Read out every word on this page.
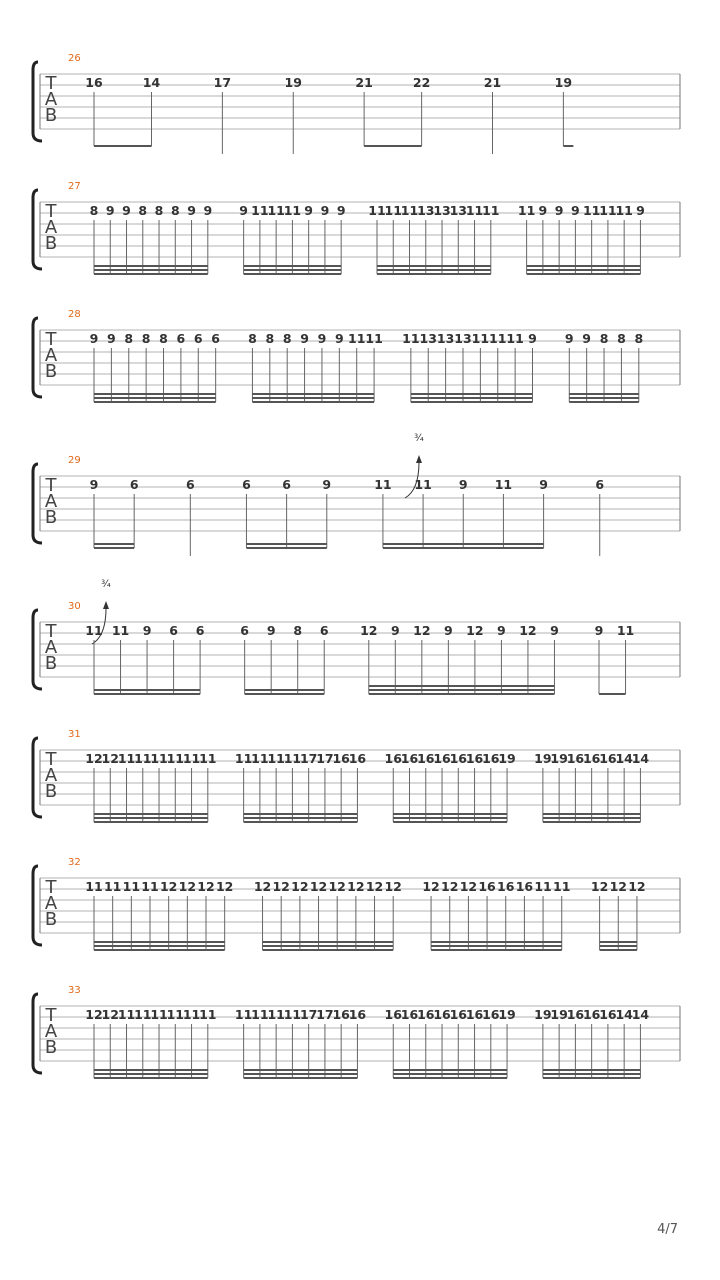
T
A
B
26
16	14	17	19	21	22	21	19
T
A
B
27
8 9 9 8 8 8 9 9 9 11
11
11 9 9 9 11
11
11
13
13
13
11
11 11 9 9 9 11
11
11 9
T
A
B
28
9 9 8 8 8 6 6 6 8 8 8 9 9 9 11 11 11 13 13 13 11 11 11 9 9 9 8 8 8
T
A
B
29
¾
9	6	6	6	6	9	11 11 9 11 9	6
T
A
B
30
¾
11 11 9 6 6	6 9 8 6	12 9 12 9 12 9 12 9	9 11
T
A
B
31
12
12
11
11
11
11
11
11 11
11
11
11
17
17
16
16 16
16
16
16
16
16
16
19 19
19
16
16
16
14
14
T
A
B
32
11 11 11 11 12 12 12 12 12 12 12 12 12 12 12 12 12 12 12 16 16 16 11 11 12 12 12
T
A
B
33
12
12
11
11
11
11
11
11 11
11
11
11
17
17
16
16 16
16
16
16
16
16
16
19 19
19
16
16
16
14
14
4/7
